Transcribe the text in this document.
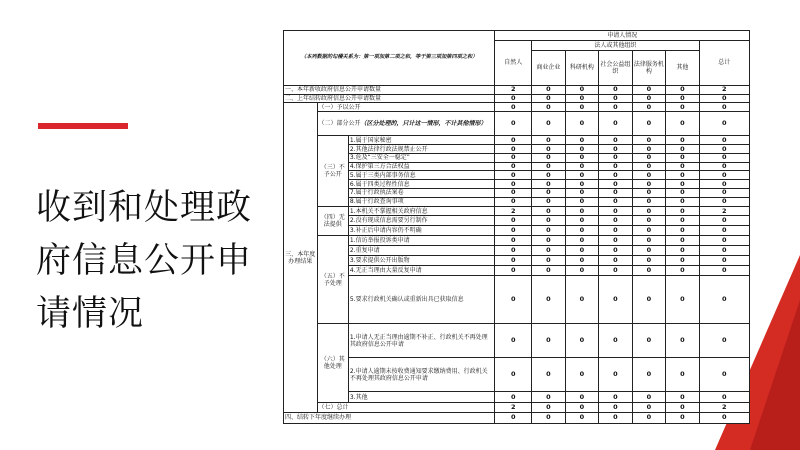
收到和处理政府信息公开申请情况
（本列数据的勾稽关系为：第一项加第二项之和，等于第三项加第四项之和）			申请人情况						
			自然人	法人或其他组织					总计
				商业企业	科研机构	社会公益组织	法律服务机构	其他	
一、本年新收政府信息公开申请数量			2	0	0	0	0	0	2
二、上年结转政府信息公开申请数量			0	0	0	0	0	0	0
三、本年度办理结果	（一）予以公开		0	0	0	0	0	0	0
	（二）部分公开（区分处理的，只计这一情形，不计其他情形）		0	0	0	0	0	0	0
	（三）不予公开	1.属于国家秘密	0	0	0	0	0	0	0
		2.其他法律行政法规禁止公开	0	0	0	0	0	0	0
		3.危及“三安全一稳定”	0	0	0	0	0	0	0
		4.保护第三方合法权益	0	0	0	0	0	0	0
		5.属于三类内部事务信息	0	0	0	0	0	0	0
		6.属于四类过程性信息	0	0	0	0	0	0	0
		7.属于行政执法案卷	0	0	0	0	0	0	0
		8.属于行政查询事项	0	0	0	0	0	0	0
	（四）无法提供	1.本机关不掌握相关政府信息	2	0	0	0	0	0	2
		2.没有现成信息需要另行制作	0	0	0	0	0	0	0
		3.补正后申请内容仍不明确	0	0	0	0	0	0	0
	（五）不予处理	1.信访举报投诉类申请	0	0	0	0	0	0	0
		2.重复申请	0	0	0	0	0	0	0
		3.要求提供公开出版物	0	0	0	0	0	0	0
		4.无正当理由大量反复申请	0	0	0	0	0	0	0
		5.要求行政机关确认或重新出具已获取信息	0	0	0	0	0	0	0
	（六）其他处理	1.申请人无正当理由逾期不补正、行政机关不再处理其政府信息公开申请	0	0	0	0	0	0	0
		2.申请人逾期未按收费通知要求缴纳费用、行政机关不再处理其政府信息公开申请	0	0	0	0	0	0	0
		3.其他	0	0	0	0	0	0	0
	（七）总计		2	0	0	0	0	0	2
四、结转下年度继续办理			0	0	0	0	0	0	0
